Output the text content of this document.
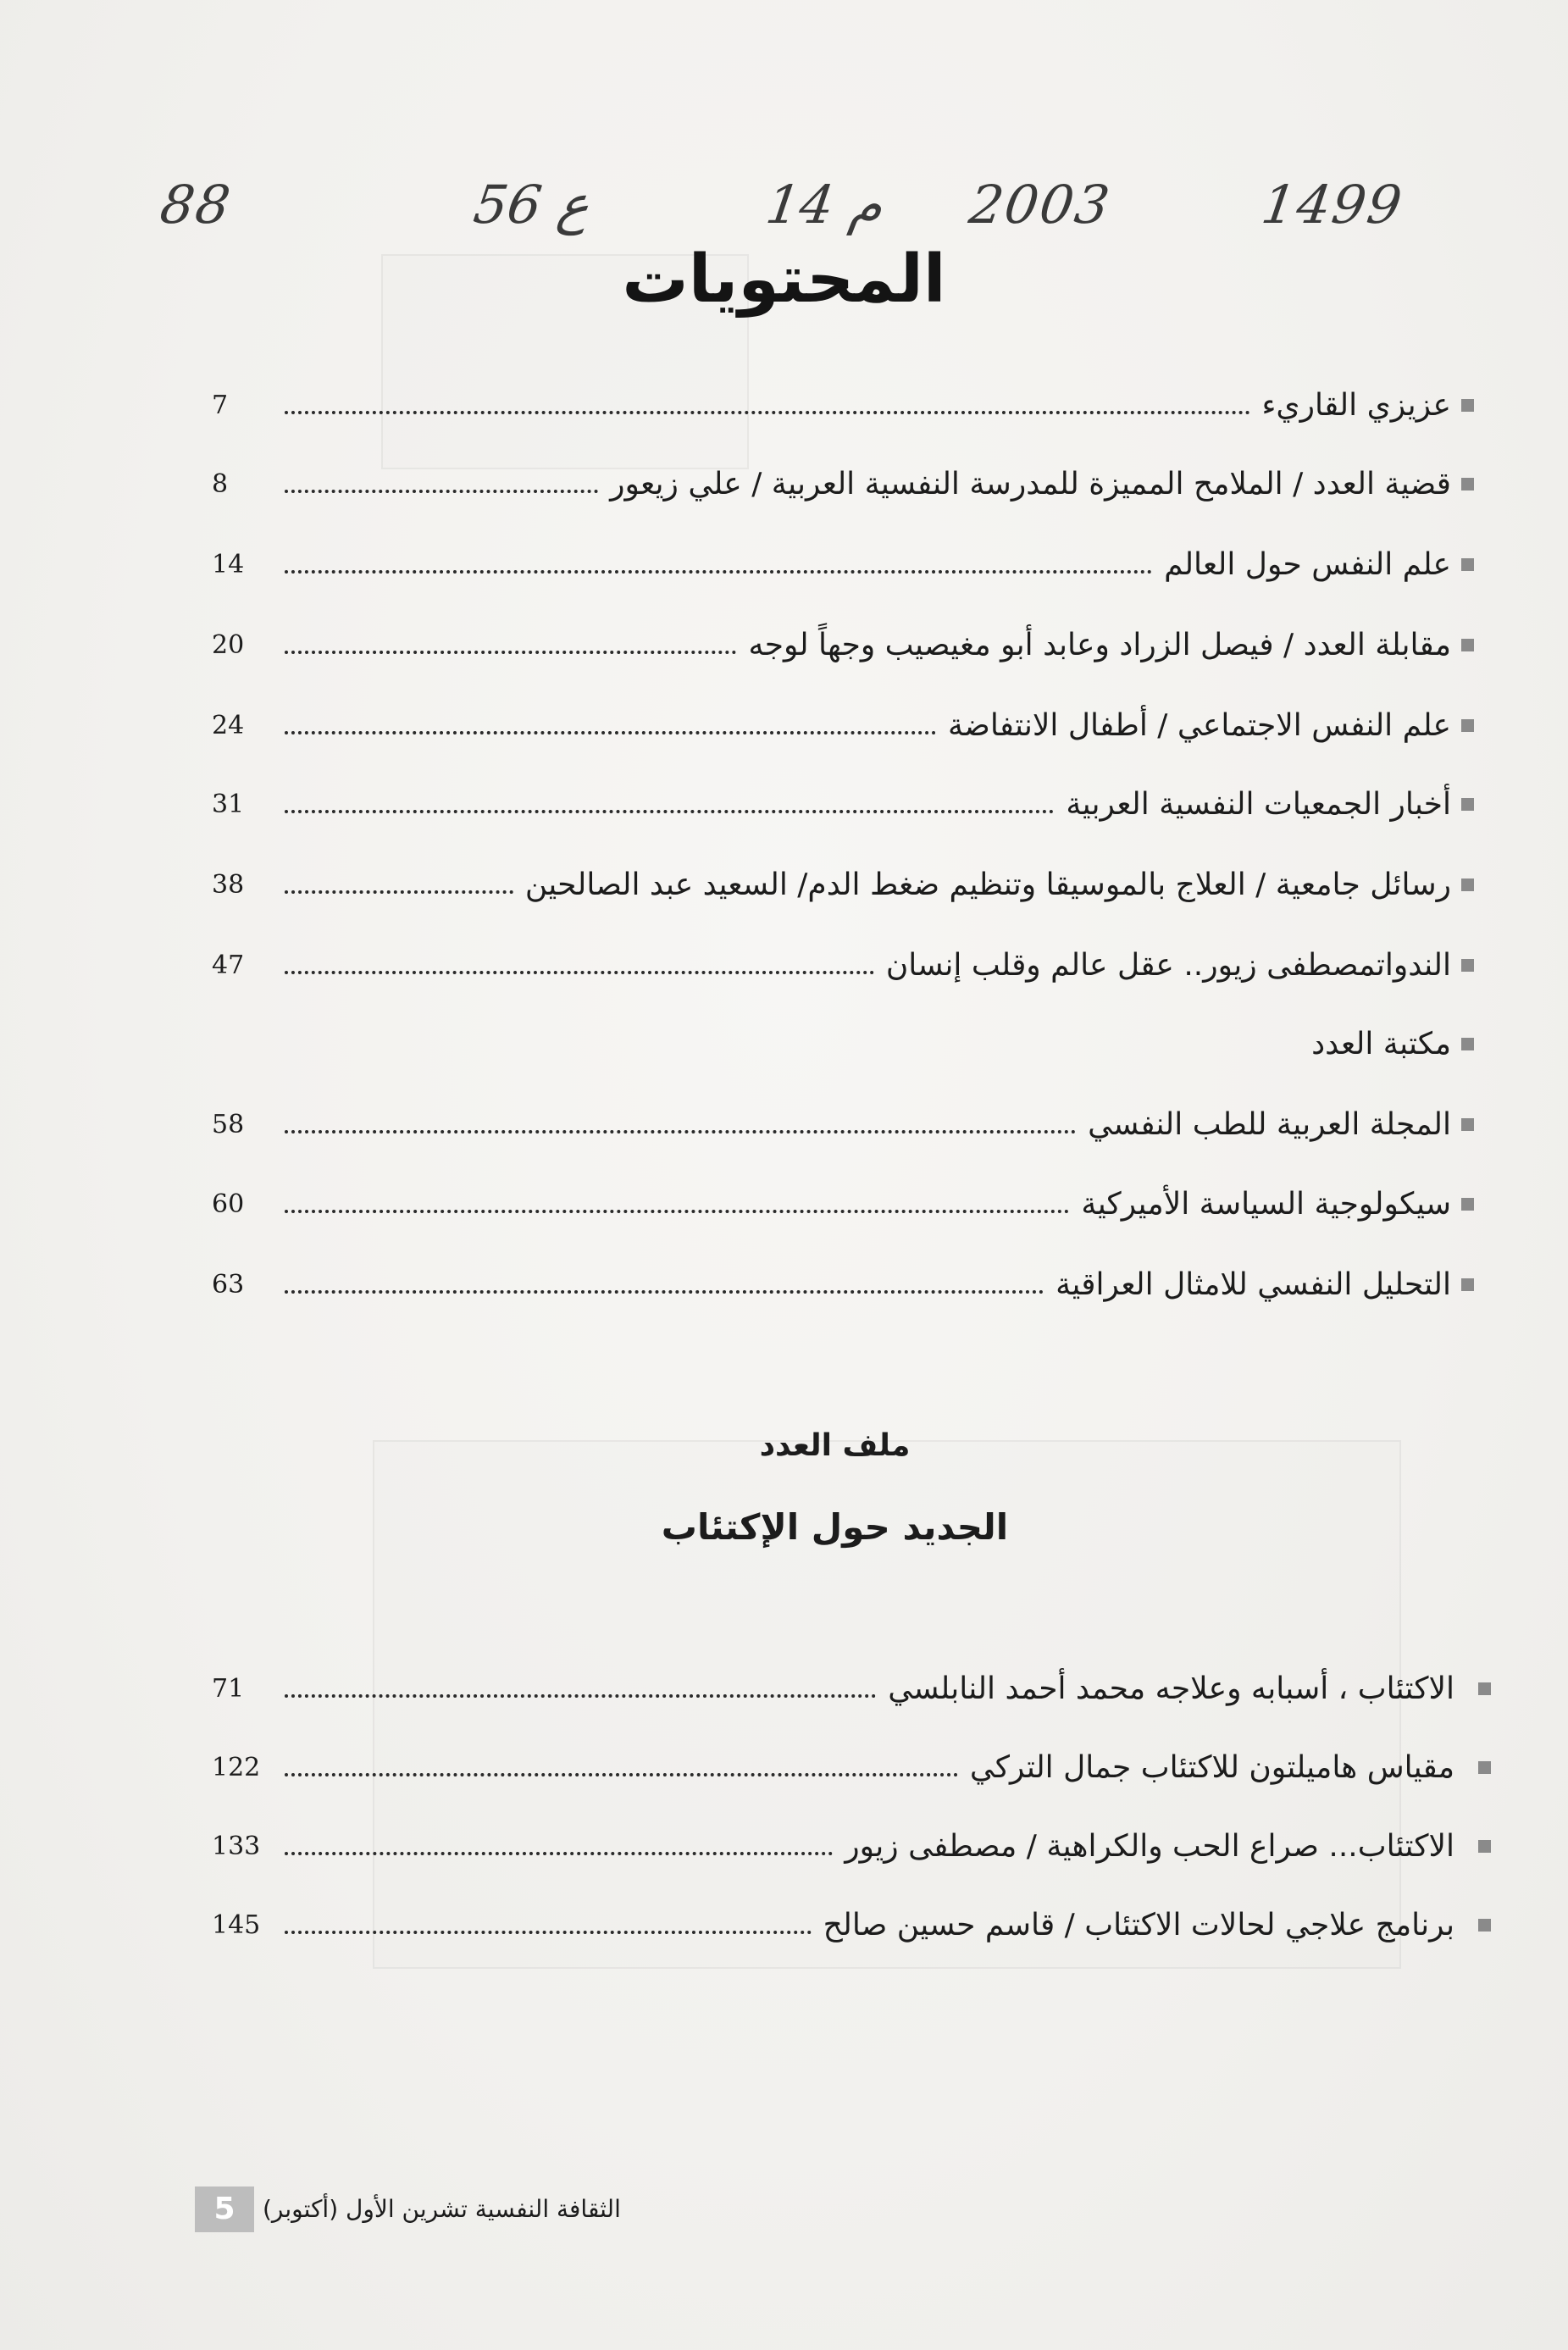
1499
2003
م 14
ع 56
88
المحتويات
عزيزي القاريء
7
قضية العدد / الملامح المميزة للمدرسة النفسية العربية / علي زيعور
8
علم النفس حول العالم
14
مقابلة العدد / فيصل الزراد وعابد أبو مغيصيب وجهاً لوجه
20
علم النفس الاجتماعي / أطفال الانتفاضة
24
أخبار الجمعيات النفسية العربية
31
رسائل جامعية / العلاج بالموسيقا وتنظيم ضغط الدم/ السعيد عبد الصالحين
38
الندواتمصطفى زيور.. عقل عالم وقلب إنسان
47
مكتبة العدد
المجلة العربية للطب النفسي
58
سيكولوجية السياسة الأميركية
60
التحليل النفسي للامثال العراقية
63
ملف العدد
الجديد حول الإكتئاب
الاكتئاب ، أسبابه وعلاجه محمد أحمد النابلسي
71
مقياس هاميلتون للاكتئاب جمال التركي
122
الاكتئاب... صراع الحب والكراهية / مصطفى زيور
133
برنامج علاجي لحالات الاكتئاب / قاسم حسين صالح
145
5	الثقافة النفسية تشرين الأول (أكتوبر)
